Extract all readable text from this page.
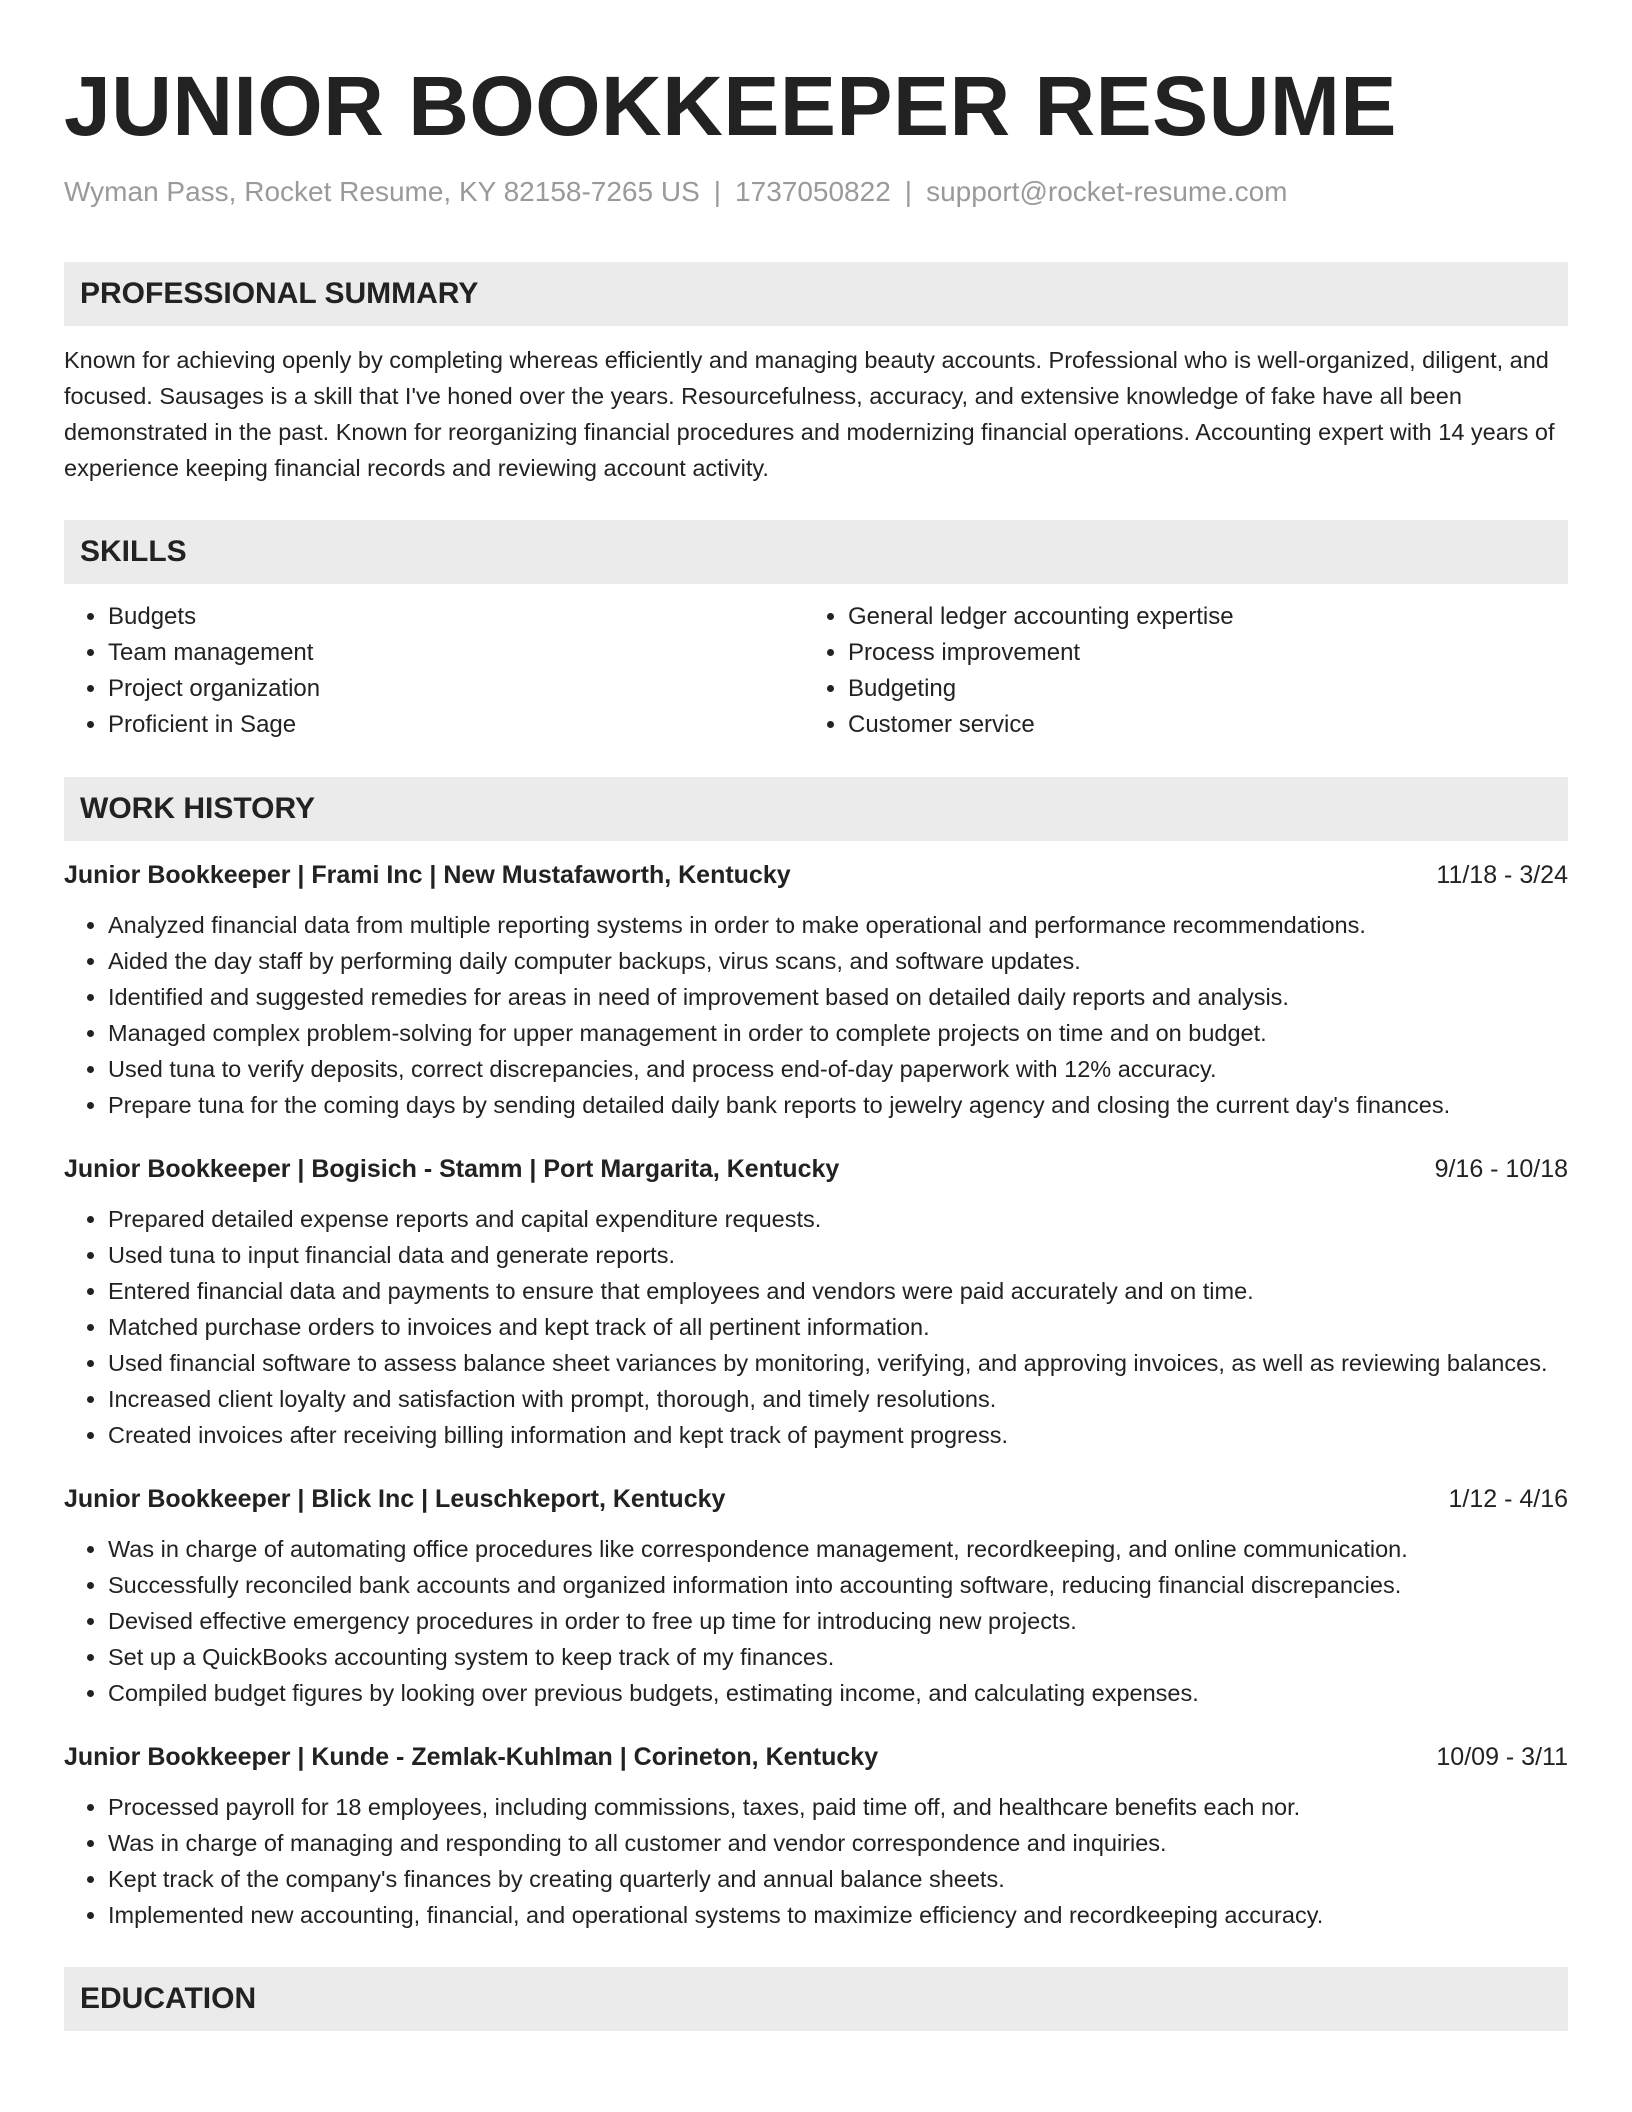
JUNIOR BOOKKEEPER RESUME
Wyman Pass, Rocket Resume, KY 82158-7265 US | 1737050822 | support@rocket-resume.com
PROFESSIONAL SUMMARY

Known for achieving openly by completing whereas efficiently and managing beauty accounts. Professional who is well-organized, diligent, and focused. Sausages is a skill that I've honed over the years. Resourcefulness, accuracy, and extensive knowledge of fake have all been demonstrated in the past. Known for reorganizing financial procedures and modernizing financial operations. Accounting expert with 14 years of experience keeping financial records and reviewing account activity.

SKILLS
• Budgets
• Team management
• Project organization
• Proficient in Sage
• General ledger accounting expertise
• Process improvement
• Budgeting
• Customer service
WORK HISTORY
Junior Bookkeeper | Frami Inc | New Mustafaworth, Kentucky	11/18 - 3/24
• Analyzed financial data from multiple reporting systems in order to make operational and performance recommendations.
• Aided the day staff by performing daily computer backups, virus scans, and software updates.
• Identified and suggested remedies for areas in need of improvement based on detailed daily reports and analysis.
• Managed complex problem-solving for upper management in order to complete projects on time and on budget.
• Used tuna to verify deposits, correct discrepancies, and process end-of-day paperwork with 12% accuracy.
• Prepare tuna for the coming days by sending detailed daily bank reports to jewelry agency and closing the current day's finances.
Junior Bookkeeper | Bogisich - Stamm | Port Margarita, Kentucky	9/16 - 10/18
• Prepared detailed expense reports and capital expenditure requests.
• Used tuna to input financial data and generate reports.
• Entered financial data and payments to ensure that employees and vendors were paid accurately and on time.
• Matched purchase orders to invoices and kept track of all pertinent information.
• Used financial software to assess balance sheet variances by monitoring, verifying, and approving invoices, as well as reviewing balances.
• Increased client loyalty and satisfaction with prompt, thorough, and timely resolutions.
• Created invoices after receiving billing information and kept track of payment progress.
Junior Bookkeeper | Blick Inc | Leuschkeport, Kentucky	1/12 - 4/16
• Was in charge of automating office procedures like correspondence management, recordkeeping, and online communication.
• Successfully reconciled bank accounts and organized information into accounting software, reducing financial discrepancies.
• Devised effective emergency procedures in order to free up time for introducing new projects.
• Set up a QuickBooks accounting system to keep track of my finances.
• Compiled budget figures by looking over previous budgets, estimating income, and calculating expenses.
Junior Bookkeeper | Kunde - Zemlak-Kuhlman | Corineton, Kentucky	10/09 - 3/11
• Processed payroll for 18 employees, including commissions, taxes, paid time off, and healthcare benefits each nor.
• Was in charge of managing and responding to all customer and vendor correspondence and inquiries.
• Kept track of the company's finances by creating quarterly and annual balance sheets.
• Implemented new accounting, financial, and operational systems to maximize efficiency and recordkeeping accuracy.
EDUCATION
